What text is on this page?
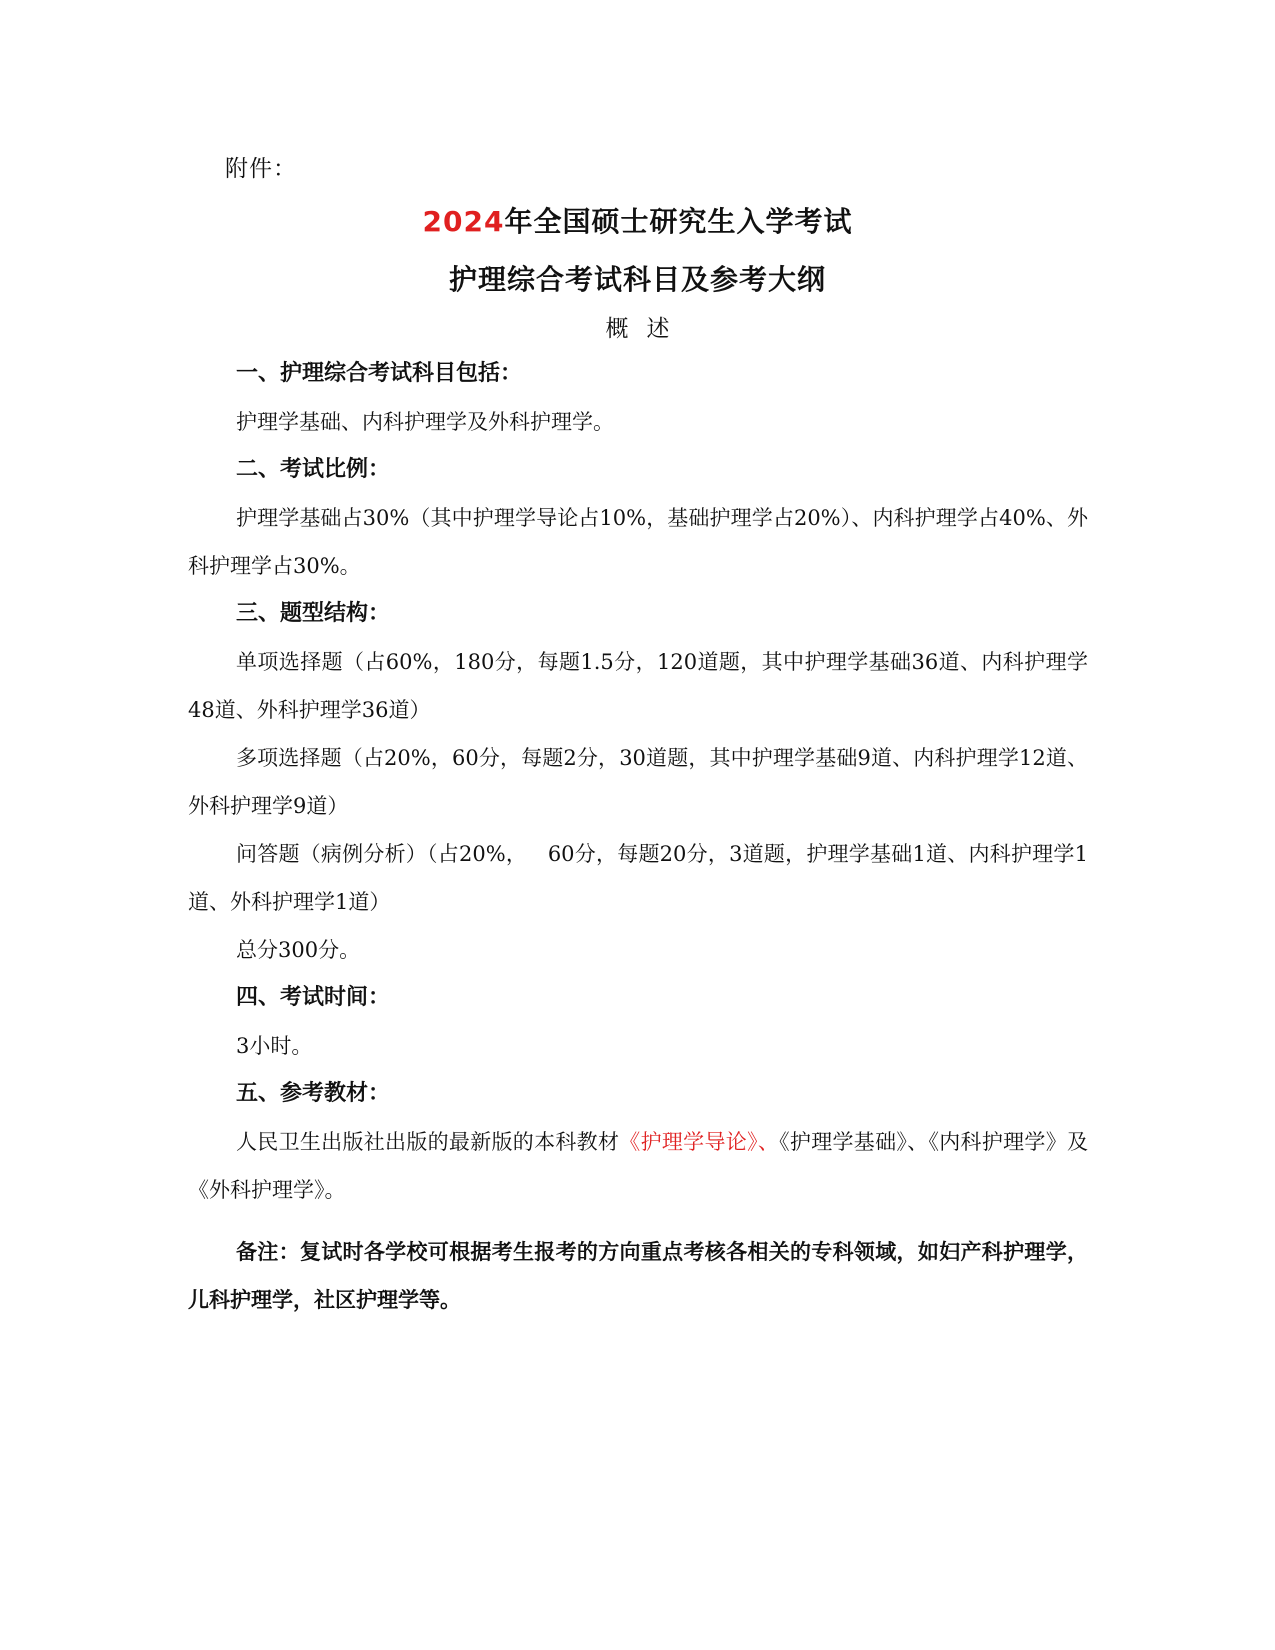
附件：
2024年全国硕士研究生入学考试
护理综合考试科目及参考大纲
概述

一、护理综合考试科目包括：

护理学基础、内科护理学及外科护理学。

二、考试比例：

护理学基础占30%（其中护理学导论占10%，基础护理学占20%）、内科护理学占40%、外科护理学占30%。

三、题型结构：

单项选择题（占60%，180分，每题1.5分，120道题，其中护理学基础36道、内科护理学48道、外科护理学36道）

多项选择题（占20%，60分，每题2分，30道题，其中护理学基础9道、内科护理学12道、外科护理学9道）

问答题（病例分析）（占20%，   60分，每题20分，3道题，护理学基础1道、内科护理学1道、外科护理学1道）

总分300分。

四、考试时间：

3小时。

五、参考教材：

人民卫生出版社出版的最新版的本科教材《护理学导论》、《护理学基础》、《内科护理学》及《外科护理学》。

备注：复试时各学校可根据考生报考的方向重点考核各相关的专科领域，如妇产科护理学，儿科护理学，社区护理学等。
